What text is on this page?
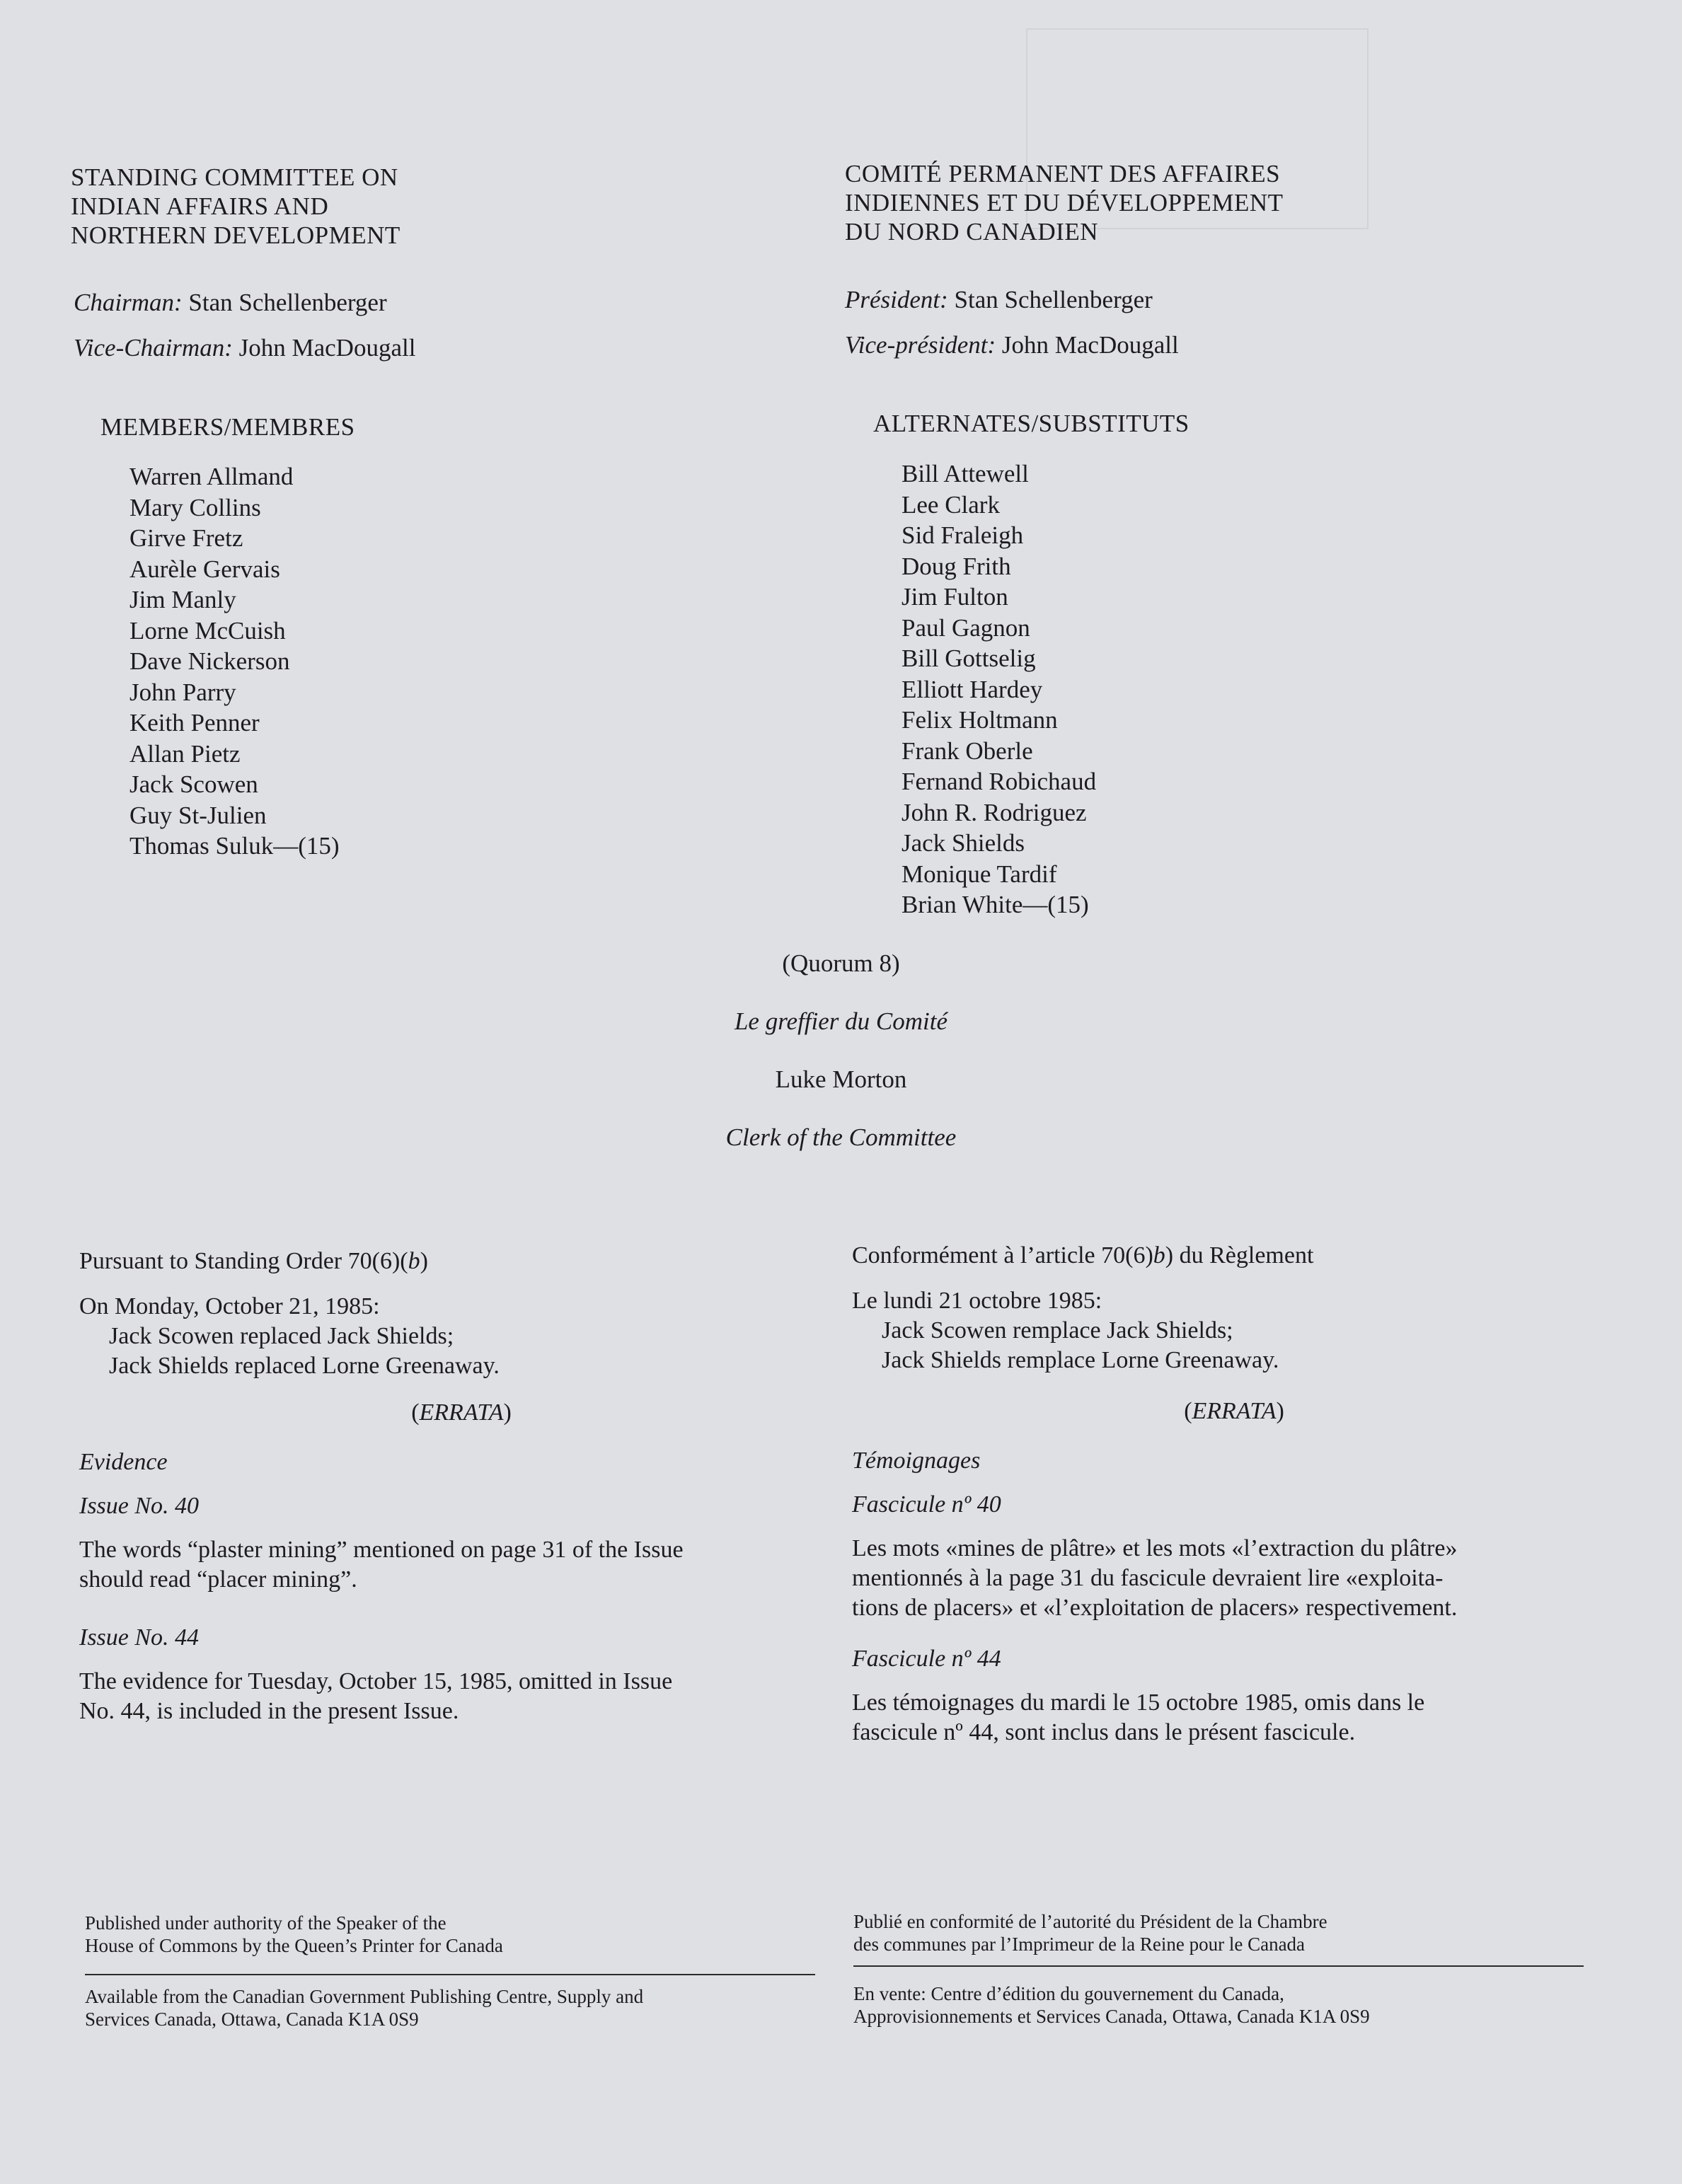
STANDING COMMITTEE ON
INDIAN AFFAIRS AND
NORTHERN DEVELOPMENT
Chairman: Stan Schellenberger
Vice-Chairman: John MacDougall
MEMBERS/MEMBRES
Warren Allmand
Mary Collins
Girve Fretz
Aurèle Gervais
Jim Manly
Lorne McCuish
Dave Nickerson
John Parry
Keith Penner
Allan Pietz
Jack Scowen
Guy St-Julien
Thomas Suluk—(15)
COMITÉ PERMANENT DES AFFAIRES
INDIENNES ET DU DÉVELOPPEMENT
DU NORD CANADIEN
Président: Stan Schellenberger
Vice-président: John MacDougall
ALTERNATES/SUBSTITUTS
Bill Attewell
Lee Clark
Sid Fraleigh
Doug Frith
Jim Fulton
Paul Gagnon
Bill Gottselig
Elliott Hardey
Felix Holtmann
Frank Oberle
Fernand Robichaud
John R. Rodriguez
Jack Shields
Monique Tardif
Brian White—(15)
(Quorum 8)
Le greffier du Comité
Luke Morton
Clerk of the Committee
Pursuant to Standing Order 70(6)(b)
On Monday, October 21, 1985:
Jack Scowen replaced Jack Shields;
Jack Shields replaced Lorne Greenaway.
(ERRATA)
Evidence
Issue No. 40
The words “plaster mining” mentioned on page 31 of the Issue
should read “placer mining”.
Issue No. 44
The evidence for Tuesday, October 15, 1985, omitted in Issue
No. 44, is included in the present Issue.
Conformément à l’article 70(6)b) du Règlement
Le lundi 21 octobre 1985:
Jack Scowen remplace Jack Shields;
Jack Shields remplace Lorne Greenaway.
(ERRATA)
Témoignages
Fascicule nº 40
Les mots «mines de plâtre» et les mots «l’extraction du plâtre»
mentionnés à la page 31 du fascicule devraient lire «exploita-
tions de placers» et «l’exploitation de placers» respectivement.
Fascicule nº 44
Les témoignages du mardi le 15 octobre 1985, omis dans le
fascicule nº 44, sont inclus dans le présent fascicule.
Published under authority of the Speaker of the
House of Commons by the Queen’s Printer for Canada
Available from the Canadian Government Publishing Centre, Supply and
Services Canada, Ottawa, Canada K1A 0S9
Publié en conformité de l’autorité du Président de la Chambre
des communes par l’Imprimeur de la Reine pour le Canada
En vente: Centre d’édition du gouvernement du Canada,
Approvisionnements et Services Canada, Ottawa, Canada K1A 0S9
